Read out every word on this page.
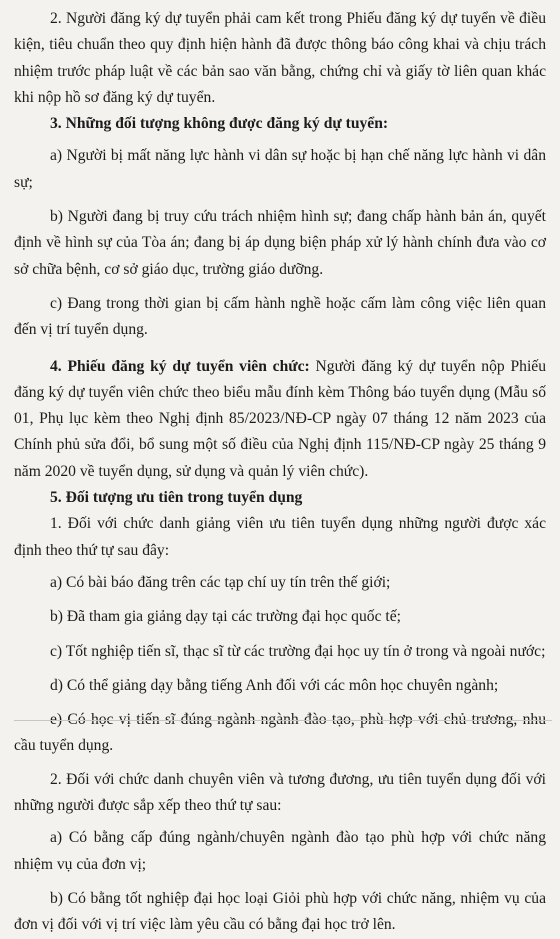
2. Người đăng ký dự tuyển phải cam kết trong Phiếu đăng ký dự tuyển về điều kiện, tiêu chuẩn theo quy định hiện hành đã được thông báo công khai và chịu trách nhiệm trước pháp luật về các bản sao văn bằng, chứng chỉ và giấy tờ liên quan khác khi nộp hồ sơ đăng ký dự tuyển.

3. Những đối tượng không được đăng ký dự tuyển:

a) Người bị mất năng lực hành vi dân sự hoặc bị hạn chế năng lực hành vi dân sự;
b) Người đang bị truy cứu trách nhiệm hình sự; đang chấp hành bản án, quyết định về hình sự của Tòa án; đang bị áp dụng biện pháp xử lý hành chính đưa vào cơ sở chữa bệnh, cơ sở giáo dục, trường giáo dưỡng.
c) Đang trong thời gian bị cấm hành nghề hoặc cấm làm công việc liên quan đến vị trí tuyển dụng.

4. Phiếu đăng ký dự tuyển viên chức: Người đăng ký dự tuyển nộp Phiếu đăng ký dự tuyển viên chức theo biểu mẫu đính kèm Thông báo tuyển dụng (Mẫu số 01, Phụ lục kèm theo Nghị định 85/2023/NĐ-CP ngày 07 tháng 12 năm 2023 của Chính phủ sửa đổi, bổ sung một số điều của Nghị định 115/NĐ-CP ngày 25 tháng 9 năm 2020 về tuyển dụng, sử dụng và quản lý viên chức).

5. Đối tượng ưu tiên trong tuyển dụng

1. Đối với chức danh giảng viên ưu tiên tuyển dụng những người được xác định theo thứ tự sau đây:

a) Có bài báo đăng trên các tạp chí uy tín trên thế giới;
b) Đã tham gia giảng dạy tại các trường đại học quốc tế;
c) Tốt nghiệp tiến sĩ, thạc sĩ từ các trường đại học uy tín ở trong và ngoài nước;
d) Có thể giảng dạy bằng tiếng Anh đối với các môn học chuyên ngành;
e) Có học vị tiến sĩ đúng ngành ngành đào tạo, phù hợp với chủ trương, nhu cầu tuyển dụng.

2. Đối với chức danh chuyên viên và tương đương, ưu tiên tuyển dụng đối với những người được sắp xếp theo thứ tự sau:

a) Có bằng cấp đúng ngành/chuyên ngành đào tạo phù hợp với chức năng nhiệm vụ của đơn vị;
b) Có bằng tốt nghiệp đại học loại Giỏi phù hợp với chức năng, nhiệm vụ của đơn vị đối với vị trí việc làm yêu cầu có bằng đại học trở lên.
